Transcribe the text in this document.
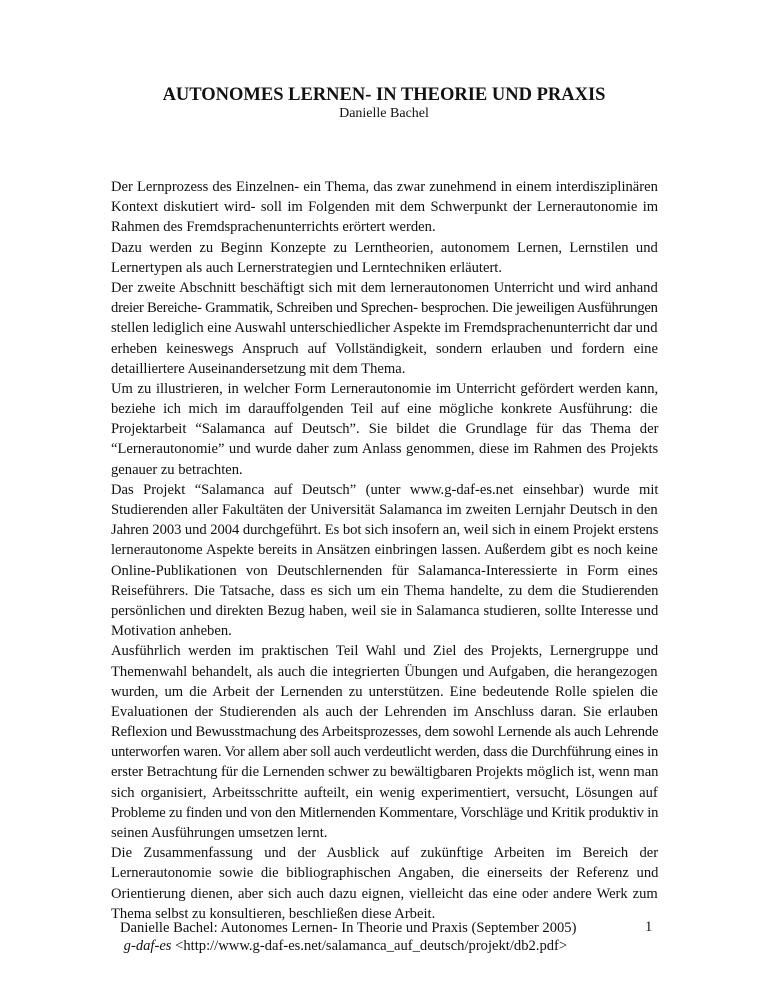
AUTONOMES LERNEN- IN THEORIE UND PRAXIS
Danielle Bachel
Der Lernprozess des Einzelnen- ein Thema, das zwar zunehmend in einem interdisziplinären
Kontext diskutiert wird- soll im Folgenden mit dem Schwerpunkt der Lernerautonomie im
Rahmen des Fremdsprachenunterrichts erörtert werden.
Dazu werden zu Beginn Konzepte zu Lerntheorien, autonomem Lernen, Lernstilen und
Lernertypen als auch Lernerstrategien und Lerntechniken erläutert.
Der zweite Abschnitt beschäftigt sich mit dem lernerautonomen Unterricht und wird anhand
dreier Bereiche- Grammatik, Schreiben und Sprechen- besprochen. Die jeweiligen Ausführungen
stellen lediglich eine Auswahl unterschiedlicher Aspekte im Fremdsprachenunterricht dar und
erheben keineswegs Anspruch auf Vollständigkeit, sondern erlauben und fordern eine
detailliertere Auseinandersetzung mit dem Thema.
Um zu illustrieren, in welcher Form Lernerautonomie im Unterricht gefördert werden kann,
beziehe ich mich im darauffolgenden Teil auf eine mögliche konkrete Ausführung: die
Projektarbeit “Salamanca auf Deutsch”. Sie bildet die Grundlage für das Thema der
“Lernerautonomie” und wurde daher zum Anlass genommen, diese im Rahmen des Projekts
genauer zu betrachten.
Das Projekt “Salamanca auf Deutsch” (unter www.g-daf-es.net einsehbar) wurde mit
Studierenden aller Fakultäten der Universität Salamanca im zweiten Lernjahr Deutsch in den
Jahren 2003 und 2004 durchgeführt. Es bot sich insofern an, weil sich in einem Projekt erstens
lernerautonome Aspekte bereits in Ansätzen einbringen lassen. Außerdem gibt es noch keine
Online-Publikationen von Deutschlernenden für Salamanca-Interessierte in Form eines
Reiseführers. Die Tatsache, dass es sich um ein Thema handelte, zu dem die Studierenden
persönlichen und direkten Bezug haben, weil sie in Salamanca studieren, sollte Interesse und
Motivation anheben.
Ausführlich werden im praktischen Teil Wahl und Ziel des Projekts, Lernergruppe und
Themenwahl behandelt, als auch die integrierten Übungen und Aufgaben, die herangezogen
wurden, um die Arbeit der Lernenden zu unterstützen. Eine bedeutende Rolle spielen die
Evaluationen der Studierenden als auch der Lehrenden im Anschluss daran. Sie erlauben
Reflexion und Bewusstmachung des Arbeitsprozesses, dem sowohl Lernende als auch Lehrende
unterworfen waren. Vor allem aber soll auch verdeutlicht werden, dass die Durchführung eines in
erster Betrachtung für die Lernenden schwer zu bewältigbaren Projekts möglich ist, wenn man
sich organisiert, Arbeitsschritte aufteilt, ein wenig experimentiert, versucht, Lösungen auf
Probleme zu finden und von den Mitlernenden Kommentare, Vorschläge und Kritik produktiv in
seinen Ausführungen umsetzen lernt.
Die Zusammenfassung und der Ausblick auf zukünftige Arbeiten im Bereich der
Lernerautonomie sowie die bibliographischen Angaben, die einerseits der Referenz und
Orientierung dienen, aber sich auch dazu eignen, vielleicht das eine oder andere Werk zum
Thema selbst zu konsultieren, beschließen diese Arbeit.
Danielle Bachel: Autonomes Lernen- In Theorie und Praxis (September 2005)
g-daf-es <http://www.g-daf-es.net/salamanca_auf_deutsch/projekt/db2.pdf>
1
